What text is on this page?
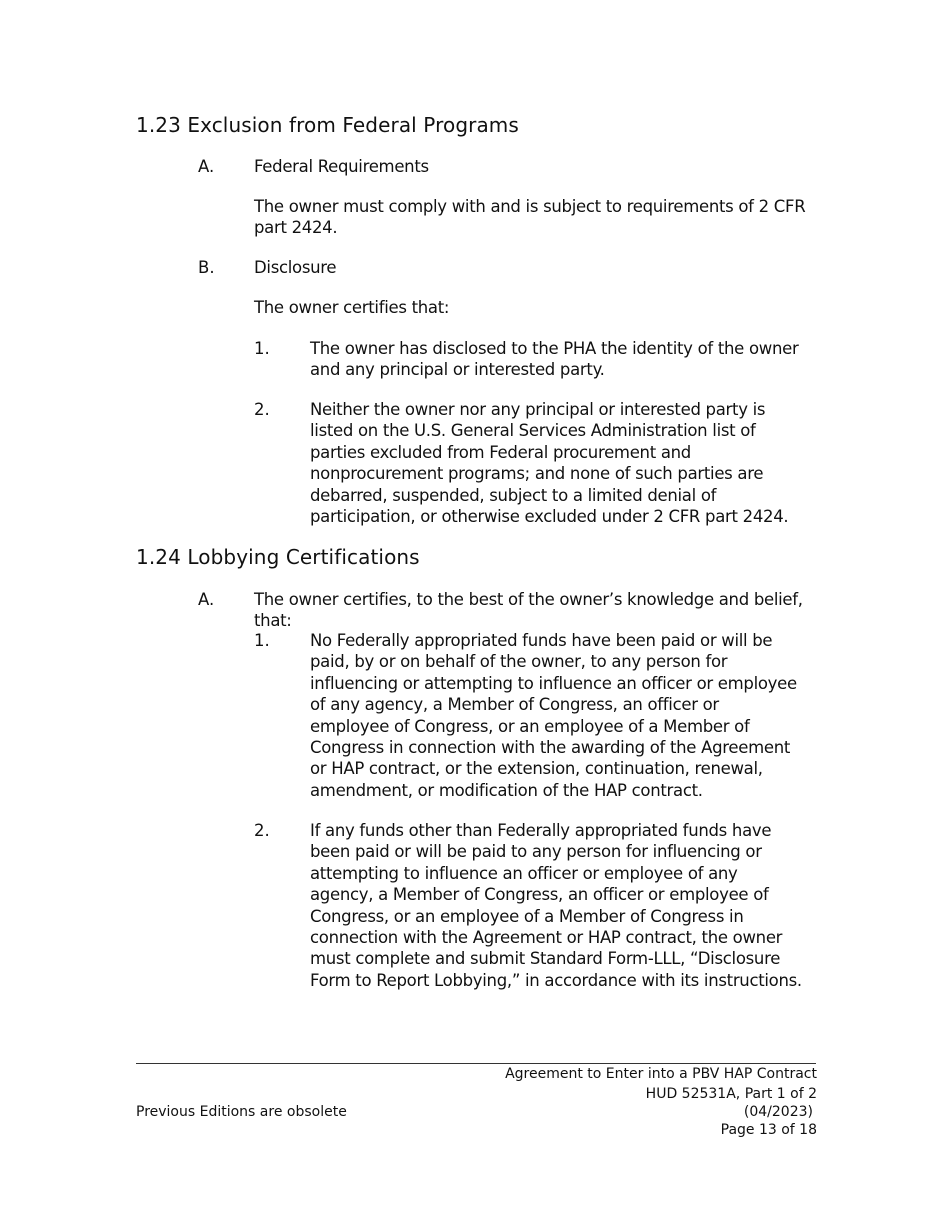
1.23 Exclusion from Federal Programs
A. Federal Requirements
The owner must comply with and is subject to requirements of 2 CFR part 2424.
B. Disclosure
The owner certifies that:
1. The owner has disclosed to the PHA the identity of the owner and any principal or interested party.
2. Neither the owner nor any principal or interested party is listed on the U.S. General Services Administration list of parties excluded from Federal procurement and nonprocurement programs; and none of such parties are debarred, suspended, subject to a limited denial of participation, or otherwise excluded under 2 CFR part 2424.
1.24 Lobbying Certifications
A. The owner certifies, to the best of the owner’s knowledge and belief, that:
1. No Federally appropriated funds have been paid or will be paid, by or on behalf of the owner, to any person for influencing or attempting to influence an officer or employee of any agency, a Member of Congress, an officer or employee of Congress, or an employee of a Member of Congress in connection with the awarding of the Agreement or HAP contract, or the extension, continuation, renewal, amendment, or modification of the HAP contract.
2. If any funds other than Federally appropriated funds have been paid or will be paid to any person for influencing or attempting to influence an officer or employee of any agency, a Member of Congress, an officer or employee of Congress, or an employee of a Member of Congress in connection with the Agreement or HAP contract, the owner must complete and submit Standard Form-LLL, “Disclosure Form to Report Lobbying,” in accordance with its instructions.
Agreement to Enter into a PBV HAP Contract
HUD 52531A, Part 1 of 2
Previous Editions are obsolete	(04/2023)
Page 13 of 18
